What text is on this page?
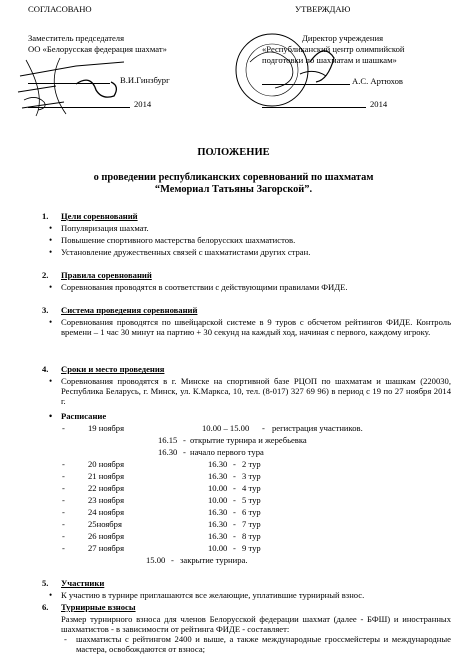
СОГЛАСОВАНО
Заместитель председателя
ОО «Белорусская федерация шахмат»
В.И.Гинзбург
2014
УТВЕРЖДАЮ
Директор учреждения
«Республиканский центр олимпийской
подготовки по шахматам и шашкам»
А.С. Артюхов
2014
ПОЛОЖЕНИЕ
о проведении республиканских соревнований по шахматам
“Мемориал Татьяны Загорской”.
1. Цели соревнований
• Популяризация шахмат.
• Повышение спортивного мастерства белорусских шахматистов.
• Установление дружественных связей с шахматистами других стран.
2. Правила соревнований
• Соревнования проводятся в соответствии с действующими правилами ФИДЕ.
3. Система проведения соревнований
• Соревнования проводятся по швейцарской системе в 9 туров с обсчетом рейтингов ФИДЕ. Контроль времени – 1 час 30 минут на партию + 30 секунд на каждый ход, начиная с первого, каждому игроку.
4. Сроки и место проведения
• Соревнования проводятся в г. Минске на спортивной базе РЦОП по шахматам и шашкам (220030, Республика Беларусь, г. Минск, ул. К.Маркса, 10, тел. (8-017) 327 69 96) в период с 19 по 27 ноября 2014 г.
• Расписание
-	19 ноября	10.00 – 15.00 - регистрация участников.
16.15 - открытие турнира и жеребьевка
16.30 - начало первого тура
-	20 ноября	16.30 - 2 тур
-	21 ноября	16.30 - 3 тур
-	22 ноября	10.00 - 4 тур
-	23 ноября	10.00 - 5 тур
-	24 ноября	16.30 - 6 тур
-	25ноября	16.30 - 7 тур
-	26 ноября	16.30 - 8 тур
-	27 ноября	10.00 - 9 тур
15.00 - закрытие турнира.
5. Участники
• К участию в турнире приглашаются все желающие, уплатившие турнирный взнос.
6. Турнирные взносы
Размер турнирного взноса для членов Белорусской федерации шахмат (далее - БФШ) и иностранных шахматистов - в зависимости от рейтинга ФИДЕ - составляет:
- шахматисты с рейтингом 2400 и выше, а также международные гроссмейстеры и международные мастера, освобождаются от взноса;
